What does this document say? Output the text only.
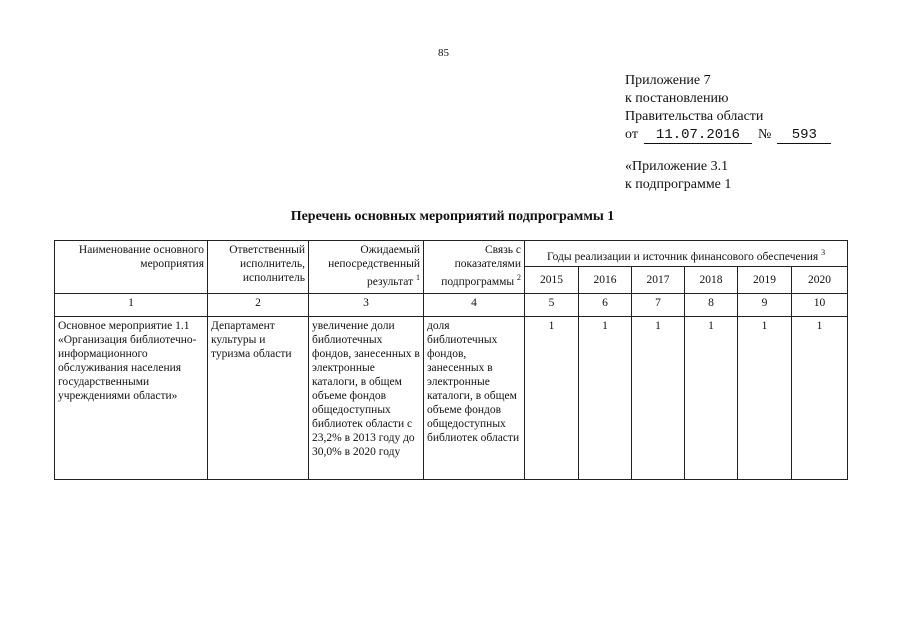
85
Приложение 7
к постановлению
Правительства области
от	11.07.2016	№	593
«Приложение 3.1
к подпрограмме 1
Перечень основных мероприятий подпрограммы 1
Наименование основного мероприятия	Ответственный исполнитель, исполнитель	Ожидаемый непосредственный результат $^1$	Связь с показателями подпрограммы $^2$	Годы реализации и источник финансового обеспечения $^3$
				2015	2016	2017	2018	2019	2020
1	2	3	4	5	6	7	8	9	10
Основное мероприятие 1.1 «Организация библиотечно-информационного обслуживания населения государственными учреждениями области»	Департамент культуры и туризма области	увеличение доли библиотечных фондов, занесенных в электронные каталоги, в общем объеме фондов общедоступных библиотек области с 23,2% в 2013 году до 30,0% в 2020 году	доля библиотечных фондов, занесенных в электронные каталоги, в общем объеме фондов общедоступных библиотек области	1	1	1	1	1	1
